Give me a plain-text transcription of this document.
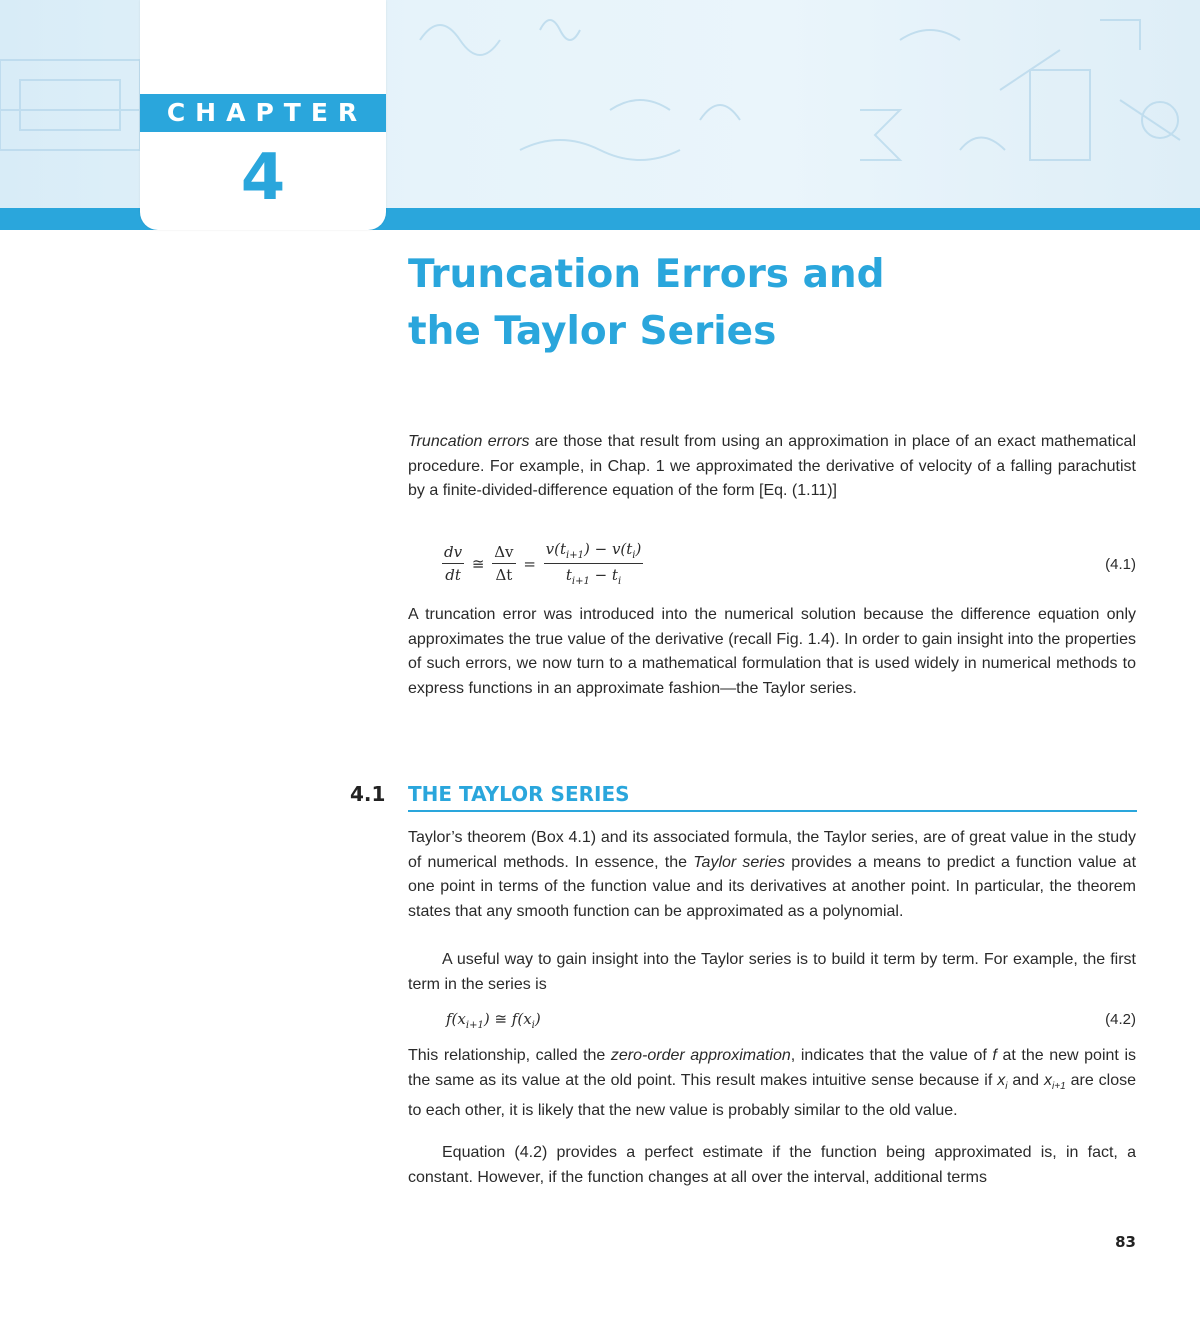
CHAPTER
4
Truncation Errors and
the Taylor Series
Truncation errors are those that result from using an approximation in place of an exact mathematical procedure. For example, in Chap. 1 we approximated the derivative of velocity of a falling parachutist by a finite-divided-difference equation of the form [Eq. (1.11)]
$\frac{dv}{dt}$ ≅ $\frac{\Delta v}{\Delta t} = \frac{v(t_{i+1}) - v(t_i)}{t_{i+1} - t_i}$	(4.1)
A truncation error was introduced into the numerical solution because the difference equation only approximates the true value of the derivative (recall Fig. 1.4). In order to gain insight into the properties of such errors, we now turn to a mathematical formulation that is used widely in numerical methods to express functions in an approximate fashion—the Taylor series.
4.1 THE TAYLOR SERIES
Taylor’s theorem (Box 4.1) and its associated formula, the Taylor series, are of great value in the study of numerical methods. In essence, the Taylor series provides a means to predict a function value at one point in terms of the function value and its derivatives at another point. In particular, the theorem states that any smooth function can be approximated as a polynomial.
A useful way to gain insight into the Taylor series is to build it term by term. For example, the first term in the series is
$f(x_{i+1})$ ≅ $f(x_i)$	(4.2)
This relationship, called the zero-order approximation, indicates that the value of f at the new point is the same as its value at the old point. This result makes intuitive sense because if $x_i$ and $x_{i+1}$ are close to each other, it is likely that the new value is probably similar to the old value.
Equation (4.2) provides a perfect estimate if the function being approximated is, in fact, a constant. However, if the function changes at all over the interval, additional terms
83
